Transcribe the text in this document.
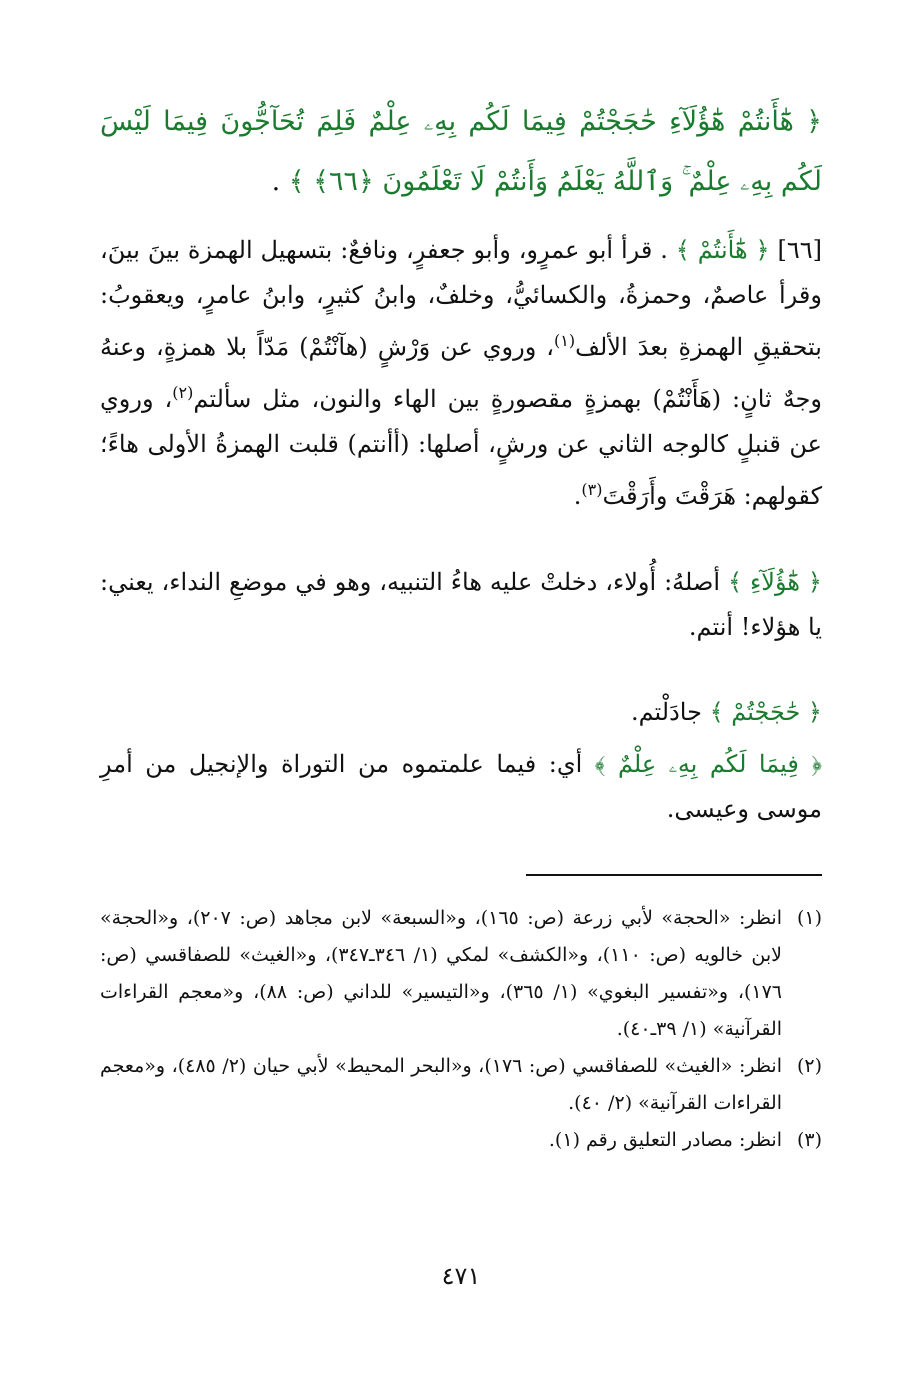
﴿ هَٰٓأَنتُمْ هَٰٓؤُلَآءِ حَٰجَجْتُمْ فِيمَا لَكُم بِهِۦ عِلْمٌ فَلِمَ تُحَآجُّونَ فِيمَا لَيْسَ لَكُم بِهِۦ عِلْمٌ ۚ وَٱللَّهُ يَعْلَمُ وَأَنتُمْ لَا تَعْلَمُونَ ﴿٦٦﴾ ﴾ .
[٦٦] ﴿ هَٰٓأَنتُمْ ﴾ . قرأ أبو عمرٍو، وأبو جعفرٍ، ونافعٌ: بتسهيل الهمزة بينَ بينَ، وقرأ عاصمٌ، وحمزةُ، والكسائيُّ، وخلفٌ، وابنُ كثيرٍ، وابنُ عامرٍ، ويعقوبُ: بتحقيقِ الهمزةِ بعدَ الألف$^{(١)}$، وروي عن وَرْشٍ (هآنْتُمْ) مَدّاً بلا همزةٍ، وعنهُ وجهٌ ثانٍ: (هَأَنْتُمْ) بهمزةٍ مقصورةٍ بين الهاء والنون، مثل سألتم$^{(٢)}$، وروي عن قنبلٍ كالوجه الثاني عن ورشٍ، أصلها: (أأنتم) قلبت الهمزةُ الأولى هاءً؛ كقولهم: هَرَقْتَ وأَرَقْتَ$^{(٣)}$.
﴿ هَٰٓؤُلَآءِ ﴾ أصلهُ: أُولاء، دخلتْ عليه هاءُ التنبيه، وهو في موضعِ النداء، يعني: يا هؤلاء! أنتم.
﴿ حَٰجَجْتُمْ ﴾ جادَلْتم.
﴿ فِيمَا لَكُم بِهِۦ عِلْمٌ ﴾ أي: فيما علمتموه من التوراة والإنجيل من أمرِ موسى وعيسى.
(١)
انظر: «الحجة» لأبي زرعة (ص: ١٦٥)، و«السبعة» لابن مجاهد (ص: ٢٠٧)، و«الحجة» لابن خالويه (ص: ١١٠)، و«الكشف» لمكي (١/ ٣٤٦ـ٣٤٧)، و«الغيث» للصفاقسي (ص: ١٧٦)، و«تفسير البغوي» (١/ ٣٦٥)، و«التيسير» للداني (ص: ٨٨)، و«معجم القراءات القرآنية» (١/ ٣٩ـ٤٠).
(٢)
انظر: «الغيث» للصفاقسي (ص: ١٧٦)، و«البحر المحيط» لأبي حيان (٢/ ٤٨٥)، و«معجم القراءات القرآنية» (٢/ ٤٠).
(٣)
انظر: مصادر التعليق رقم (١).
٤٧١
